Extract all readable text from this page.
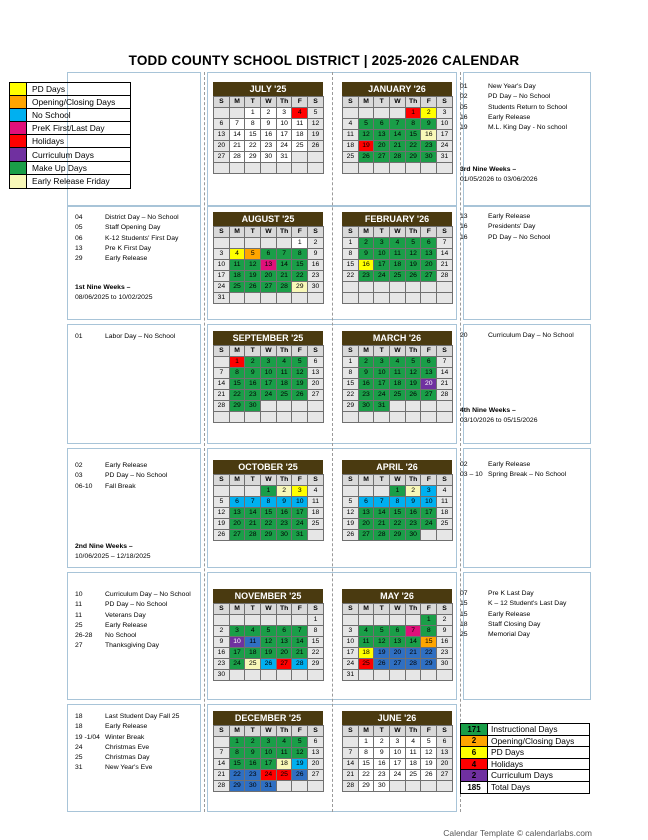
TODD COUNTY SCHOOL DISTRICT | 2025-2026 CALENDAR
PD Days
Opening/Closing Days
No School
PreK First/Last Day
Holidays
Curriculum Days
Make Up Days
Early Release Friday
171	Instructional Days
2	Opening/Closing Days
6	PD Days
4	Holidays
2	Curriculum Days
185	Total Days
JULY '25
S	M	T	W	Th	F	S
		1	2	3	4	5
6	7	8	9	10	11	12
13	14	15	16	17	18	19
20	21	22	23	24	25	26
27	28	29	30	31		

JANUARY '26
S	M	T	W	Th	F	S
				1	2	3
4	5	6	7	8	9	10
11	12	13	14	15	16	17
18	19	20	21	22	23	24
25	26	27	28	29	30	31

AUGUST '25
S	M	T	W	Th	F	S
					1	2
3	4	5	6	7	8	9
10	11	12	13	14	15	16
17	18	19	20	21	22	23
24	25	26	27	28	29	30
31						
FEBRUARY '26
S	M	T	W	Th	F	S
1	2	3	4	5	6	7
8	9	10	11	12	13	14
15	16	17	18	19	20	21
22	23	24	25	26	27	28

SEPTEMBER '25
S	M	T	W	Th	F	S
	1	2	3	4	5	6
7	8	9	10	11	12	13
14	15	16	17	18	19	20
21	22	23	24	25	26	27
28	29	30				

MARCH '26
S	M	T	W	Th	F	S
1	2	3	4	5	6	7
8	9	10	11	12	13	14
15	16	17	18	19	20	21
22	23	24	25	26	27	28
29	30	31				

OCTOBER '25
S	M	T	W	Th	F	S
			1	2	3	4
5	6	7	8	9	10	11
12	13	14	15	16	17	18
19	20	21	22	23	24	25
26	27	28	29	30	31	
APRIL '26
S	M	T	W	Th	F	S
			1	2	3	4
5	6	7	8	9	10	11
12	13	14	15	16	17	18
19	20	21	22	23	24	25
26	27	28	29	30		
NOVEMBER '25
S	M	T	W	Th	F	S
						1
2	3	4	5	6	7	8
9	10	11	12	13	14	15
16	17	18	19	20	21	22
23	24	25	26	27	28	29
30						
MAY '26
S	M	T	W	Th	F	S
					1	2
3	4	5	6	7	8	9
10	11	12	13	14	15	16
17	18	19	20	21	22	23
24	25	26	27	28	29	30
31						
DECEMBER '25
S	M	T	W	Th	F	S
	1	2	3	4	5	6
7	8	9	10	11	12	13
14	15	16	17	18	19	20
21	22	23	24	25	26	27
28	29	30	31			
JUNE '26
S	M	T	W	Th	F	S
	1	2	3	4	5	6
7	8	9	10	11	12	13
14	15	16	17	18	19	20
21	22	23	24	25	26	27
28	29	30				
04	District Day – No School
05	Staff Opening Day
06	K-12 Students' First Day
13	Pre K First Day
29	Early Release
01	Labor Day – No School
02	Early Release
03	PD Day – No School
06-10 Fall Break
10	Curriculum Day – No School
11	PD Day – No School
11	Veterans Day
25	Early Release
26-28 No School
27	Thanksgiving Day
18	Last Student Day Fall 25
18	Early Release
19 -1/04 Winter Break
24	Christmas Eve
25	Christmas Day
31	New Year's Eve
01	New Year's Day
02	PD Day – No School
05	Students Return to School
16	Early Release
19	M.L. King Day - No school
13	Early Release
16	Presidents' Day
16	PD Day – No School
20	Curriculum Day – No School
02	Early Release
03 – 10 Spring Break – No School
07	Pre K Last Day
15	K – 12 Student's Last Day
15	Early Release
18	Staff Closing Day
25	Memorial Day
1st Nine Weeks –
08/06/2025 to 10/02/2025
2nd Nine Weeks –
10/06/2025 – 12/18/2025
3rd Nine Weeks –
01/05/2026 to 03/06/2026
4th Nine Weeks –
03/10/2026 to 05/15/2026
Calendar Template © calendarlabs.com
